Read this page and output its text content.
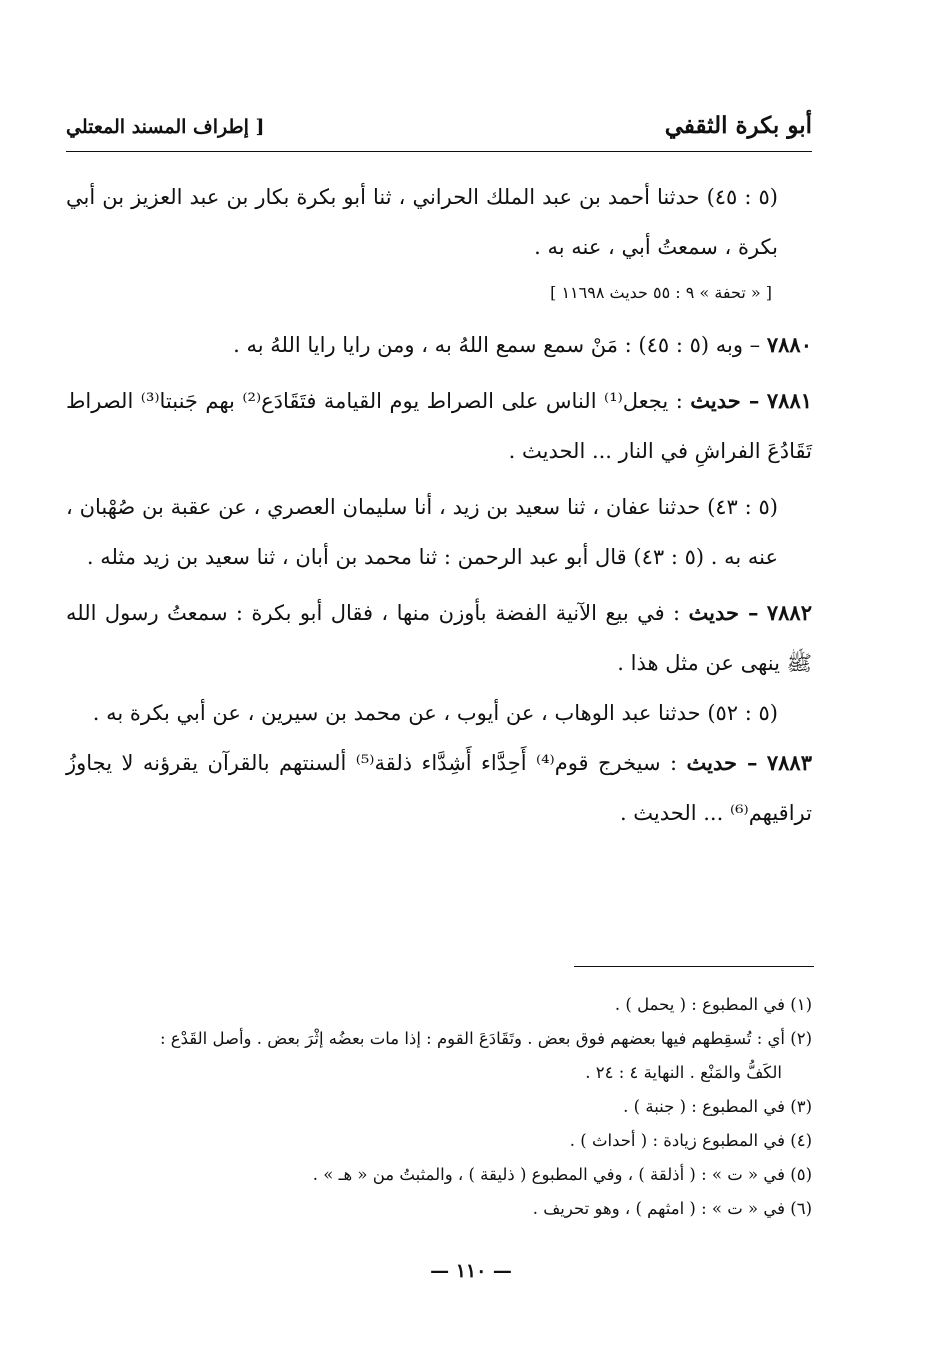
أبو بكرة الثقفي
[ إطراف المسند المعتلي

(٥ : ٤٥) حدثنا أحمد بن عبد الملك الحراني ، ثنا أبو بكرة بكار بن عبد العزيز بن أبي بكرة ، سمعتُ أبي ، عنه به .

[ « تحفة » ٩ : ٥٥ حديث ١١٦٩٨ ]

٧٨٨٠ – وبه (٥ : ٤٥) : مَنْ سمع سمع اللهُ به ، ومن رايا رايا اللهُ به .

٧٨٨١ – حديث : يجعل⁽¹⁾ الناس على الصراط يوم القيامة فتَقَادَع⁽²⁾ بهم جَنبتا⁽³⁾ الصراط تَقَادُعَ الفراشِ في النار ... الحديث .

(٥ : ٤٣) حدثنا عفان ، ثنا سعيد بن زيد ، أنا سليمان العصري ، عن عقبة بن صُهْبان ، عنه به . (٥ : ٤٣) قال أبو عبد الرحمن : ثنا محمد بن أبان ، ثنا سعيد بن زيد مثله .

٧٨٨٢ – حديث : في بيع الآنية الفضة بأوزن منها ، فقال أبو بكرة : سمعتُ رسول الله ﷺ ينهى عن مثل هذا .

(٥ : ٥٢) حدثنا عبد الوهاب ، عن أيوب ، عن محمد بن سيرين ، عن أبي بكرة به .

٧٨٨٣ – حديث : سيخرج قوم⁽⁴⁾ أَحِدَّاء أَشِدَّاء ذلقة⁽⁵⁾ ألسنتهم بالقرآن يقرؤنه لا يجاوزُ تراقيهم⁽⁶⁾ ... الحديث .

(١) في المطبوع : ( يحمل ) .
(٢) أي : تُسقِطهم فيها بعضهم فوق بعض . وتَقَادَعَ القوم : إذا مات بعضُه إثْرَ بعض . وأصل القَدْع :
الكَفُّ والمَنْع . النهاية ٤ : ٢٤ .
(٣) في المطبوع : ( جنبة ) .
(٤) في المطبوع زيادة : ( أحداث ) .
(٥) في « ت » : ( أذلقة ) ، وفي المطبوع ( ذليقة ) ، والمثبتُ من « هـ » .
(٦) في « ت » : ( امثهم ) ، وهو تحريف .
— ١١٠ —
